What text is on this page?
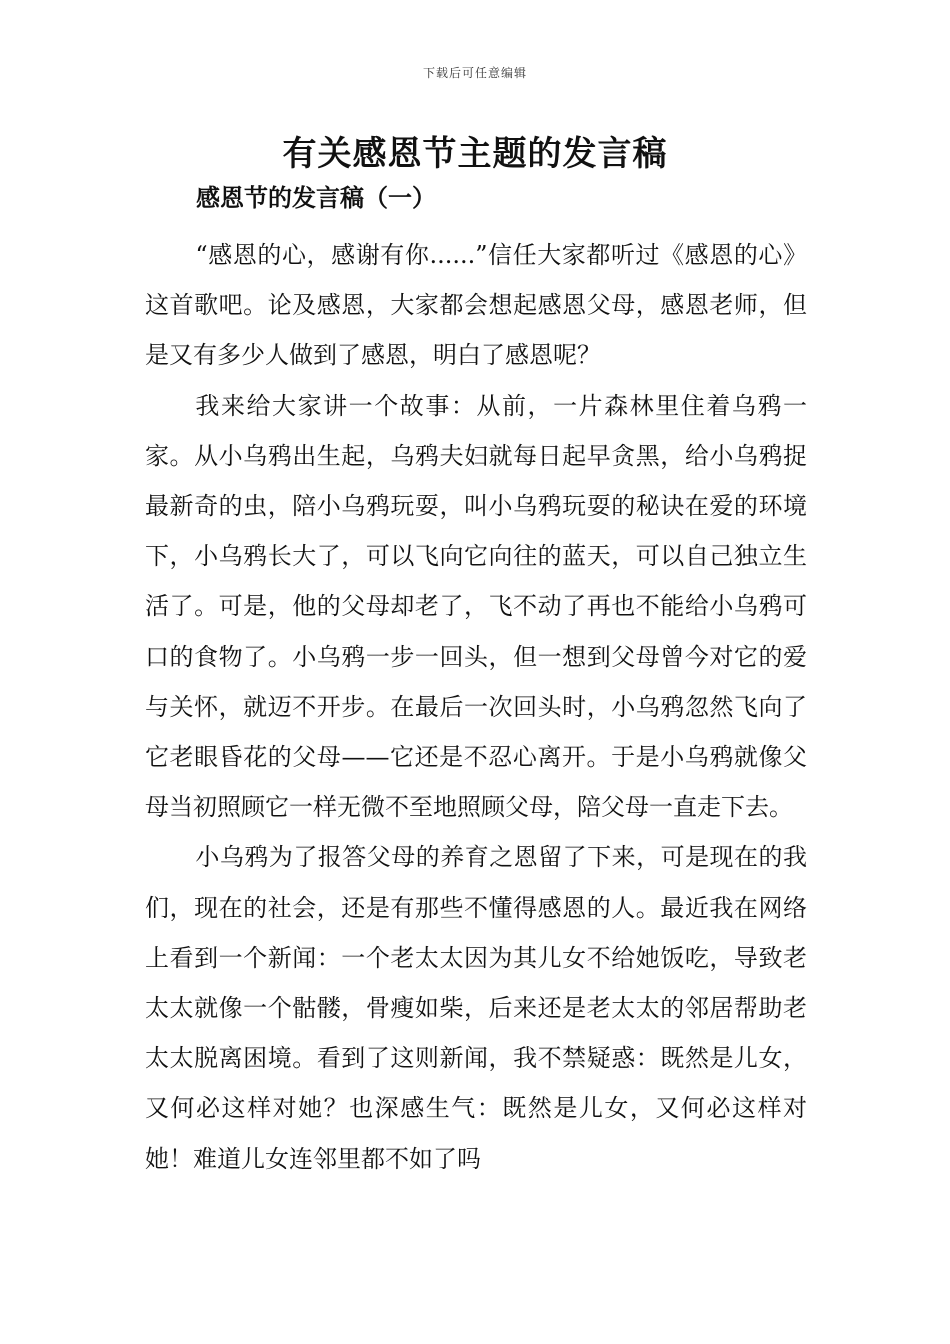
下载后可任意编辑
有关感恩节主题的发言稿
感恩节的发言稿（一）

“感恩的心，感谢有你......”信任大家都听过《感恩的心》这首歌吧。论及感恩，大家都会想起感恩父母，感恩老师，但是又有多少人做到了感恩，明白了感恩呢？

我来给大家讲一个故事：从前，一片森林里住着乌鸦一家。从小乌鸦出生起，乌鸦夫妇就每日起早贪黑，给小乌鸦捉最新奇的虫，陪小乌鸦玩耍，叫小乌鸦玩耍的秘诀在爱的环境下，小乌鸦长大了，可以飞向它向往的蓝天，可以自己独立生活了。可是，他的父母却老了，飞不动了再也不能给小乌鸦可口的食物了。小乌鸦一步一回头，但一想到父母曾今对它的爱与关怀，就迈不开步。在最后一次回头时，小乌鸦忽然飞向了它老眼昏花的父母——它还是不忍心离开。于是小乌鸦就像父母当初照顾它一样无微不至地照顾父母，陪父母一直走下去。

小乌鸦为了报答父母的养育之恩留了下来，可是现在的我们，现在的社会，还是有那些不懂得感恩的人。最近我在网络上看到一个新闻：一个老太太因为其儿女不给她饭吃，导致老太太就像一个骷髅，骨瘦如柴，后来还是老太太的邻居帮助老太太脱离困境。看到了这则新闻，我不禁疑惑：既然是儿女，又何必这样对她？也深感生气：既然是儿女，又何必这样对她！难道儿女连邻里都不如了吗
